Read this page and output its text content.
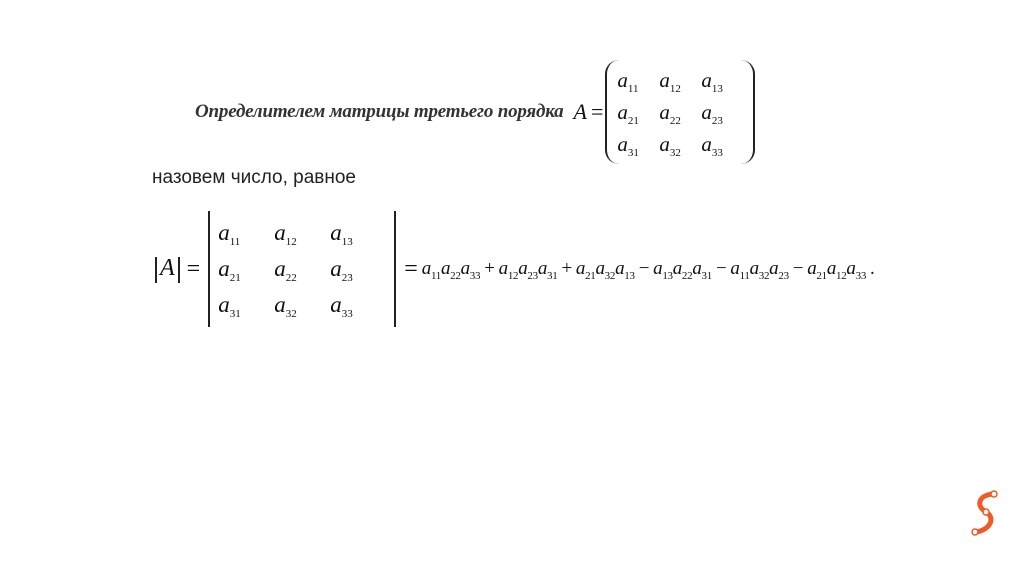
Определителем матрицы третьего порядка A =
$a_{11}$ $a_{12}$ $a_{13}$
$a_{21}$ $a_{22}$ $a_{23}$
$a_{31}$ $a_{32}$ $a_{33}$
назовем число, равное
A =
$a_{11}$	$a_{12}$	$a_{13}$
$a_{21}$	$a_{22}$	$a_{23}$
$a_{31}$	$a_{32}$	$a_{33}$
= $a_{11}a_{22}a_{33} + a_{12}a_{23}a_{31} + a_{21}a_{32}a_{13} - a_{13}a_{22}a_{31} - a_{11}a_{32}a_{23} - a_{21}a_{12}a_{33}$ .
